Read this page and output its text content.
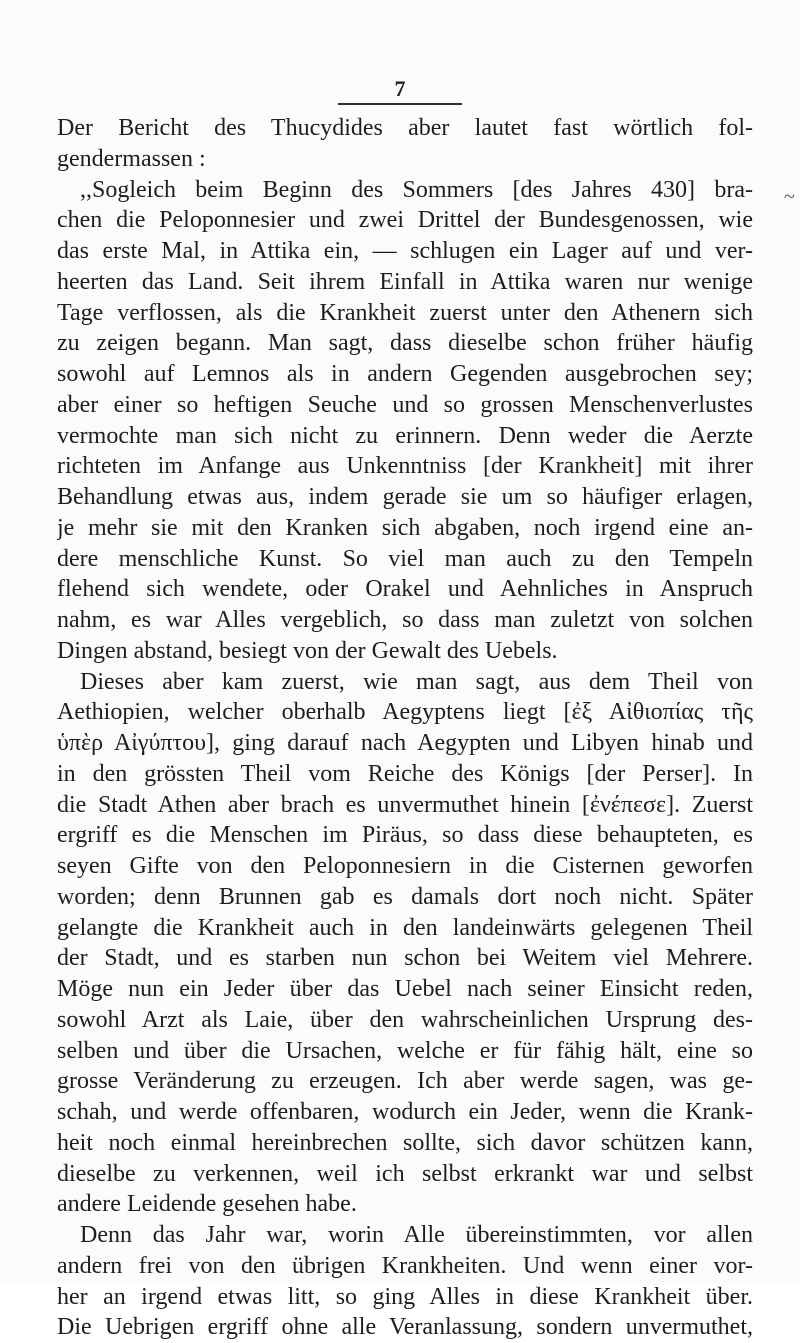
7
~
Der Bericht des Thucydides aber lautet fast wörtlich fol-
gendermassen :
,,Sogleich beim Beginn des Sommers [des Jahres 430] bra-
chen die Peloponnesier und zwei Drittel der Bundesgenossen, wie
das erste Mal, in Attika ein, — schlugen ein Lager auf und ver-
heerten das Land. Seit ihrem Einfall in Attika waren nur wenige
Tage verflossen, als die Krankheit zuerst unter den Athenern sich
zu zeigen begann. Man sagt, dass dieselbe schon früher häufig
sowohl auf Lemnos als in andern Gegenden ausgebrochen sey;
aber einer so heftigen Seuche und so grossen Menschenverlustes
vermochte man sich nicht zu erinnern. Denn weder die Aerzte
richteten im Anfange aus Unkenntniss [der Krankheit] mit ihrer
Behandlung etwas aus, indem gerade sie um so häufiger erlagen,
je mehr sie mit den Kranken sich abgaben, noch irgend eine an-
dere menschliche Kunst. So viel man auch zu den Tempeln
flehend sich wendete, oder Orakel und Aehnliches in Anspruch
nahm, es war Alles vergeblich, so dass man zuletzt von solchen
Dingen abstand, besiegt von der Gewalt des Uebels.
Dieses aber kam zuerst, wie man sagt, aus dem Theil von
Aethiopien, welcher oberhalb Aegyptens liegt [ἐξ Αἰθιοπίας τῆς
ὑπὲρ Αἰγύπτου], ging darauf nach Aegypten und Libyen hinab und
in den grössten Theil vom Reiche des Königs [der Perser]. In
die Stadt Athen aber brach es unvermuthet hinein [ἐνέπεσε]. Zuerst
ergriff es die Menschen im Piräus, so dass diese behaupteten, es
seyen Gifte von den Peloponnesiern in die Cisternen geworfen
worden; denn Brunnen gab es damals dort noch nicht. Später
gelangte die Krankheit auch in den landeinwärts gelegenen Theil
der Stadt, und es starben nun schon bei Weitem viel Mehrere.
Möge nun ein Jeder über das Uebel nach seiner Einsicht reden,
sowohl Arzt als Laie, über den wahrscheinlichen Ursprung des-
selben und über die Ursachen, welche er für fähig hält, eine so
grosse Veränderung zu erzeugen. Ich aber werde sagen, was ge-
schah, und werde offenbaren, wodurch ein Jeder, wenn die Krank-
heit noch einmal hereinbrechen sollte, sich davor schützen kann,
dieselbe zu verkennen, weil ich selbst erkrankt war und selbst
andere Leidende gesehen habe.
Denn das Jahr war, worin Alle übereinstimmten, vor allen
andern frei von den übrigen Krankheiten. Und wenn einer vor-
her an irgend etwas litt, so ging Alles in diese Krankheit über.
Die Uebrigen ergriff ohne alle Veranlassung, sondern unvermuthet,
